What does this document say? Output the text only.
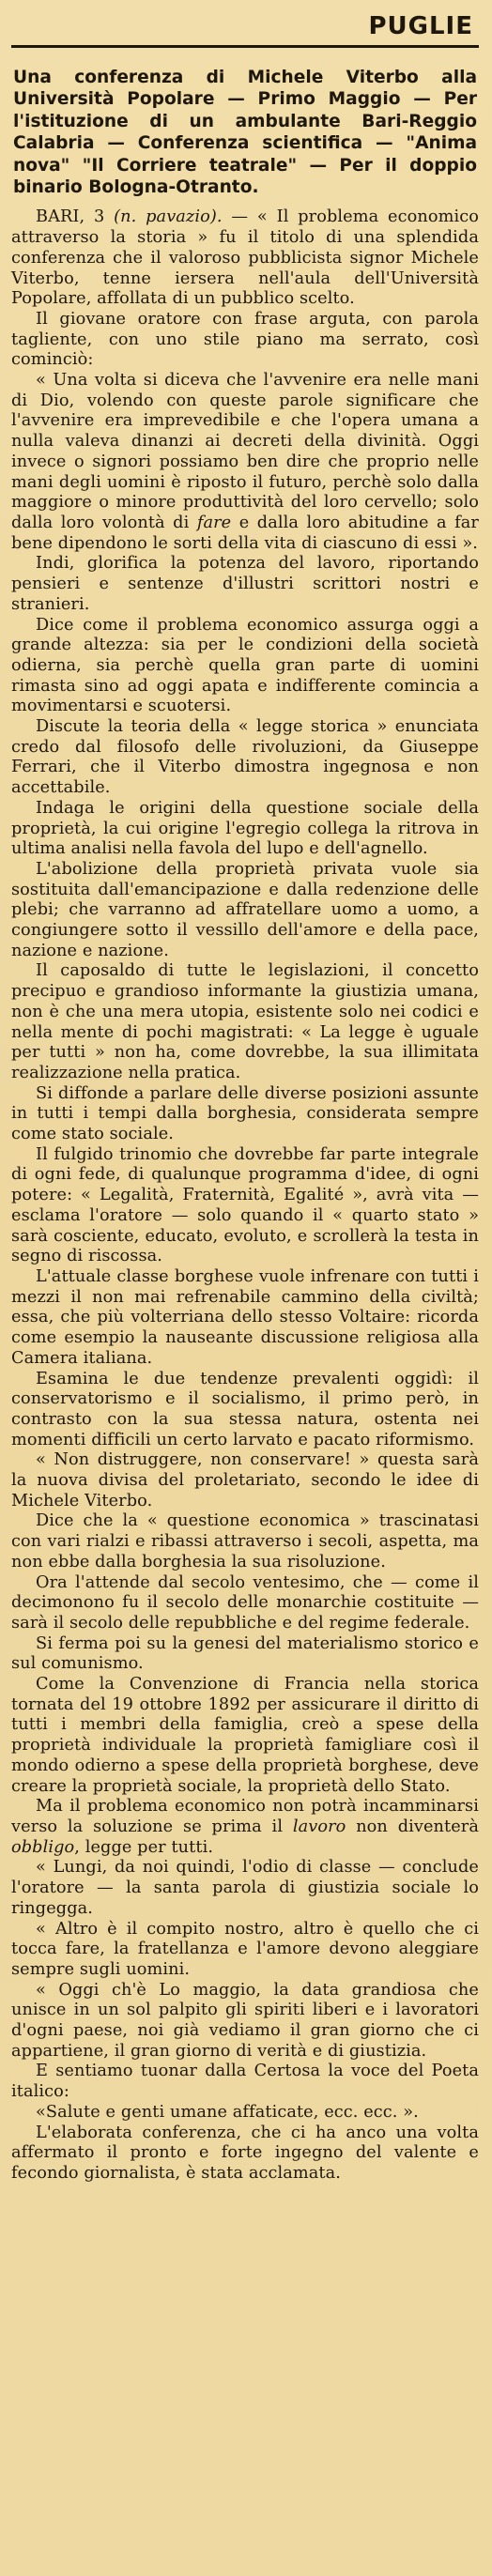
PUGLIE
Una conferenza di Michele Viterbo alla Università Popolare — Primo Maggio — Per l'istituzione di un ambulante Bari-Reggio Calabria — Conferenza scientifica — "Anima nova" "Il Corriere teatrale" — Per il doppio binario Bologna-Otranto.

BARI, 3 (n. pavazio). — « Il problema economico attraverso la storia » fu il titolo di una splendida conferenza che il valoroso pubblicista signor Michele Viterbo, tenne iersera nell'aula dell'Università Popolare, affollata di un pubblico scelto.

Il giovane oratore con frase arguta, con parola tagliente, con uno stile piano ma serrato, così cominciò:

« Una volta si diceva che l'avvenire era nelle mani di Dio, volendo con queste parole significare che l'avvenire era imprevedibile e che l'opera umana a nulla valeva dinanzi ai decreti della divinità. Oggi invece o signori possiamo ben dire che proprio nelle mani degli uomini è riposto il futuro, perchè solo dalla maggiore o minore produttività del loro cervello; solo dalla loro volontà di fare e dalla loro abitudine a far bene dipendono le sorti della vita di ciascuno di essi ».

Indi, glorifica la potenza del lavoro, riportando pensieri e sentenze d'illustri scrittori nostri e stranieri.

Dice come il problema economico assurga oggi a grande altezza: sia per le condizioni della società odierna, sia perchè quella gran parte di uomini rimasta sino ad oggi apata e indifferente comincia a movimentarsi e scuotersi.

Discute la teoria della « legge storica » enunciata credo dal filosofo delle rivoluzioni, da Giuseppe Ferrari, che il Viterbo dimostra ingegnosa e non accettabile.

Indaga le origini della questione sociale della proprietà, la cui origine l'egregio collega la ritrova in ultima analisi nella favola del lupo e dell'agnello.

L'abolizione della proprietà privata vuole sia sostituita dall'emancipazione e dalla redenzione delle plebi; che varranno ad affratellare uomo a uomo, a congiungere sotto il vessillo dell'amore e della pace, nazione e nazione.

Il caposaldo di tutte le legislazioni, il concetto precipuo e grandioso informante la giustizia umana, non è che una mera utopia, esistente solo nei codici e nella mente di pochi magistrati: « La legge è uguale per tutti » non ha, come dovrebbe, la sua illimitata realizzazione nella pratica.

Si diffonde a parlare delle diverse posizioni assunte in tutti i tempi dalla borghesia, considerata sempre come stato sociale.

Il fulgido trinomio che dovrebbe far parte integrale di ogni fede, di qualunque programma d'idee, di ogni potere: « Legalità, Fraternità, Egalité », avrà vita — esclama l'oratore — solo quando il « quarto stato » sarà cosciente, educato, evoluto, e scrollerà la testa in segno di riscossa.

L'attuale classe borghese vuole infrenare con tutti i mezzi il non mai refrenabile cammino della civiltà; essa, che più volterriana dello stesso Voltaire: ricorda come esempio la nauseante discussione religiosa alla Camera italiana.

Esamina le due tendenze prevalenti oggidì: il conservatorismo e il socialismo, il primo però, in contrasto con la sua stessa natura, ostenta nei momenti difficili un certo larvato e pacato riformismo.

« Non distruggere, non conservare! » questa sarà la nuova divisa del proletariato, secondo le idee di Michele Viterbo.

Dice che la « questione economica » trascinatasi con vari rialzi e ribassi attraverso i secoli, aspetta, ma non ebbe dalla borghesia la sua risoluzione.

Ora l'attende dal secolo ventesimo, che — come il decimonono fu il secolo delle monarchie costituite — sarà il secolo delle repubbliche e del regime federale.

Si ferma poi su la genesi del materialismo storico e sul comunismo.

Come la Convenzione di Francia nella storica tornata del 19 ottobre 1892 per assicurare il diritto di tutti i membri della famiglia, creò a spese della proprietà individuale la proprietà famigliare così il mondo odierno a spese della proprietà borghese, deve creare la proprietà sociale, la proprietà dello Stato.

Ma il problema economico non potrà incamminarsi verso la soluzione se prima il lavoro non diventerà obbligo, legge per tutti.

« Lungi, da noi quindi, l'odio di classe — conclude l'oratore — la santa parola di giustizia sociale lo ringegga.

« Altro è il compito nostro, altro è quello che ci tocca fare, la fratellanza e l'amore devono aleggiare sempre sugli uomini.

« Oggi ch'è Lo maggio, la data grandiosa che unisce in un sol palpito gli spiriti liberi e i lavoratori d'ogni paese, noi già vediamo il gran giorno che ci appartiene, il gran giorno di verità e di giustizia.

E sentiamo tuonar dalla Certosa la voce del Poeta italico:

«Salute e genti umane affaticate, ecc. ecc. ».

L'elaborata conferenza, che ci ha anco una volta affermato il pronto e forte ingegno del valente e fecondo giornalista, è stata acclamata.
